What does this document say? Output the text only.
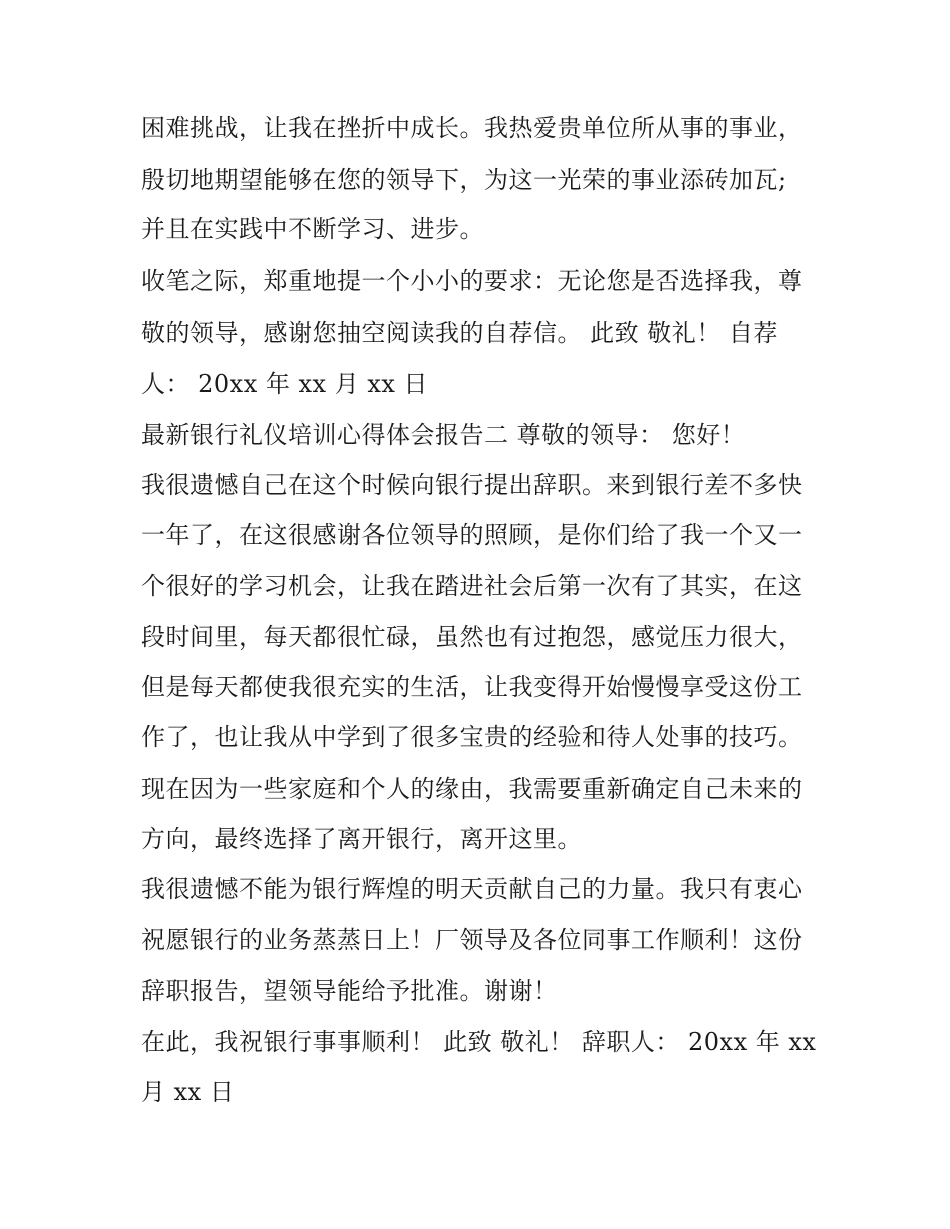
困难挑战，让我在挫折中成长。我热爱贵单位所从事的事业，
殷切地期望能够在您的领导下，为这一光荣的事业添砖加瓦;
并且在实践中不断学习、进步。
收笔之际，郑重地提一个小小的要求：无论您是否选择我，尊
敬的领导，感谢您抽空阅读我的自荐信。 此致 敬礼！ 自荐
人： 20xx 年 xx 月 xx 日
最新银行礼仪培训心得体会报告二 尊敬的领导： 您好！
我很遗憾自己在这个时候向银行提出辞职。来到银行差不多快
一年了，在这很感谢各位领导的照顾，是你们给了我一个又一
个很好的学习机会，让我在踏进社会后第一次有了其实，在这
段时间里，每天都很忙碌，虽然也有过抱怨，感觉压力很大，
但是每天都使我很充实的生活，让我变得开始慢慢享受这份工
作了，也让我从中学到了很多宝贵的经验和待人处事的技巧。
现在因为一些家庭和个人的缘由，我需要重新确定自己未来的
方向，最终选择了离开银行，离开这里。
我很遗憾不能为银行辉煌的明天贡献自己的力量。我只有衷心
祝愿银行的业务蒸蒸日上！厂领导及各位同事工作顺利！这份
辞职报告，望领导能给予批准。谢谢！
在此，我祝银行事事顺利！ 此致 敬礼！ 辞职人： 20xx 年 xx
月 xx 日
